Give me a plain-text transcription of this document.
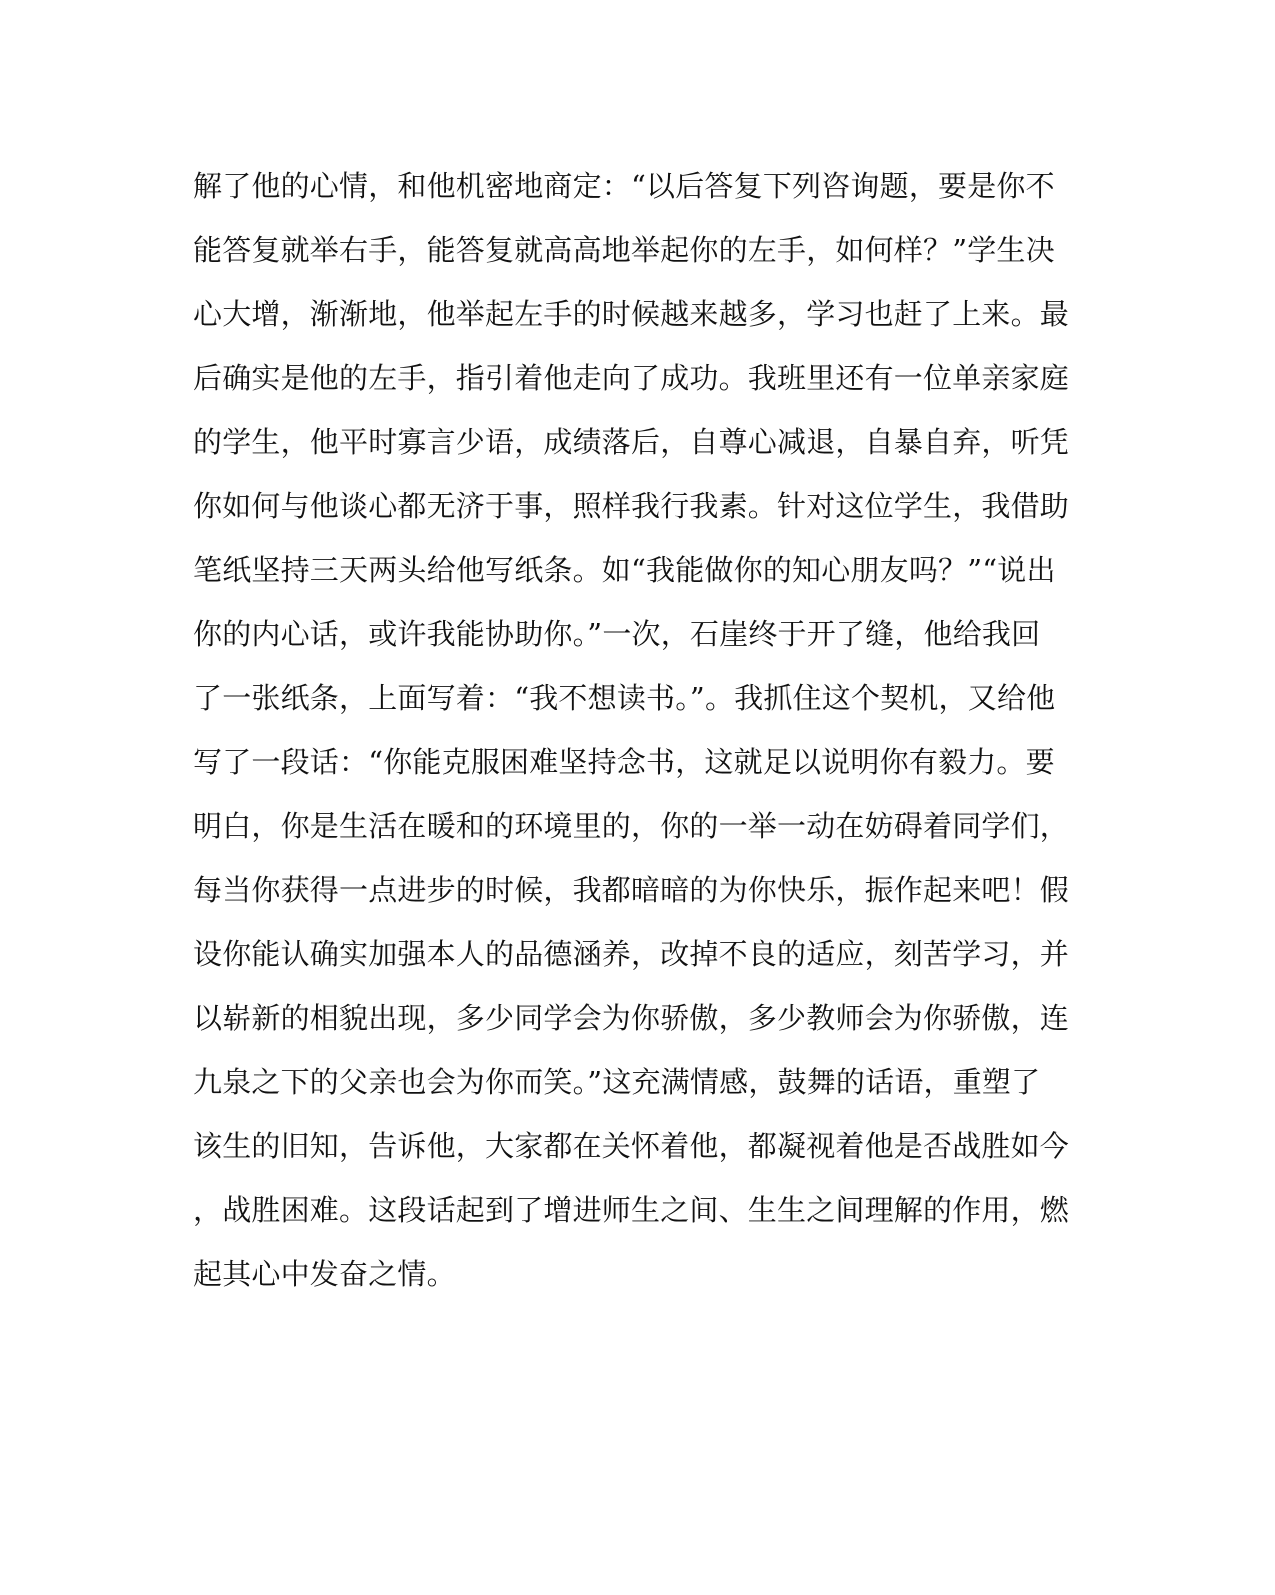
解了他的心情，和他机密地商定：“以后答复下列咨询题，要是你不
能答复就举右手，能答复就高高地举起你的左手，如何样？”学生决
心大增，渐渐地，他举起左手的时候越来越多，学习也赶了上来。最
后确实是他的左手，指引着他走向了成功。我班里还有一位单亲家庭
的学生，他平时寡言少语，成绩落后，自尊心减退，自暴自弃，听凭
你如何与他谈心都无济于事，照样我行我素。针对这位学生，我借助
笔纸坚持三天两头给他写纸条。如“我能做你的知心朋友吗？”“说出
你的内心话，或许我能协助你。”一次，石崖终于开了缝，他给我回
了一张纸条，上面写着：“我不想读书。”。我抓住这个契机，又给他
写了一段话：“你能克服困难坚持念书，这就足以说明你有毅力。要
明白，你是生活在暖和的环境里的，你的一举一动在妨碍着同学们，
每当你获得一点进步的时候，我都暗暗的为你快乐，振作起来吧！假
设你能认确实加强本人的品德涵养，改掉不良的适应，刻苦学习，并
以崭新的相貌出现，多少同学会为你骄傲，多少教师会为你骄傲，连
九泉之下的父亲也会为你而笑。”这充满情感，鼓舞的话语，重塑了
该生的旧知，告诉他，大家都在关怀着他，都凝视着他是否战胜如今
，战胜困难。这段话起到了增进师生之间、生生之间理解的作用，燃
起其心中发奋之情。
